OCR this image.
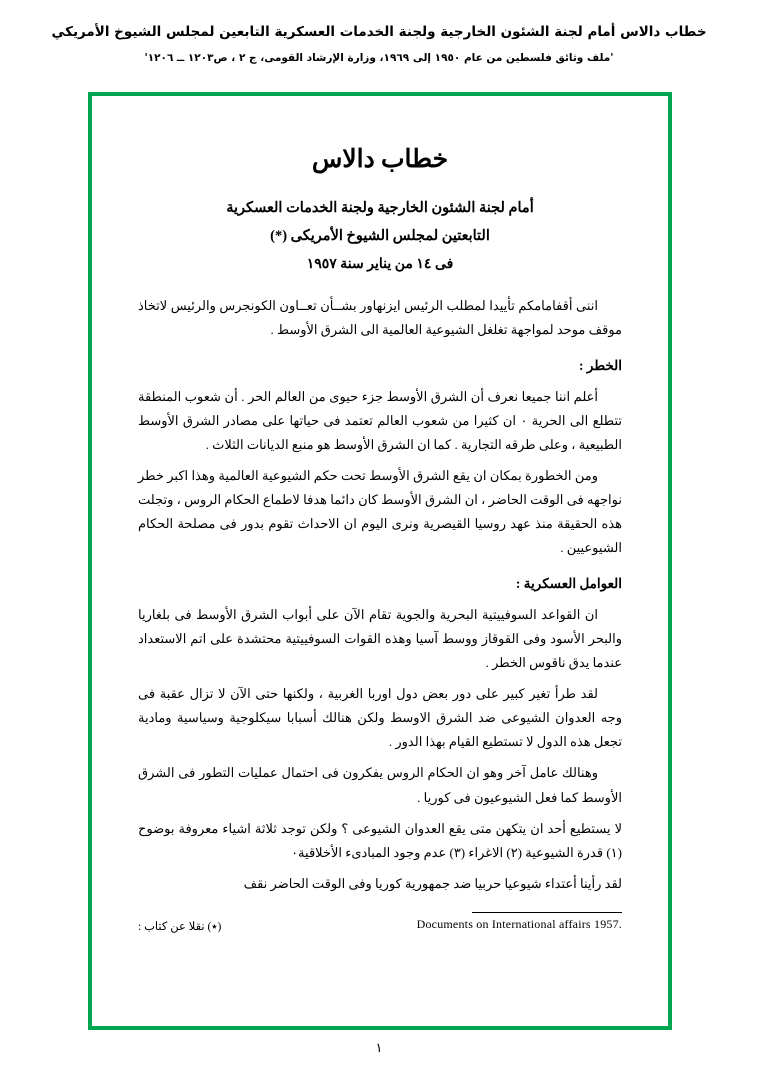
خطاب دالاس أمام لجنة الشئون الخارجية ولجنة الخدمات العسكرية التابعين لمجلس الشيوخ الأمريكي
'ملف وثائق فلسطين من عام ١٩٥٠ إلى ١٩٦٩، وزارة الإرشاد القومى، ج ٢ ، ص١٢٠٣ ــ ١٢٠٦'
خطاب دالاس
أمام لجنة الشئون الخارجية ولجنة الخدمات العسكرية
التابعتين لمجلس الشيوخ الأمريكى (*)
فى ١٤ من يناير سنة ١٩٥٧

اننى أقفامامكم تأييدا لمطلب الرئيس ايزنهاور بشــأن تعــاون الكونجرس والرئيس لاتخاذ موقف موحد لمواجهة تغلغل الشيوعية العالمية الى الشرق الأوسط .

الخطر :

أعلم اننا جميعا نعرف أن الشرق الأوسط جزء حيوى من العالم الحر . أن شعوب المنطقة تتطلع الى الحرية ٠ ان كثيرا من شعوب العالم تعتمد فى حياتها على مصادر الشرق الأوسط الطبيعية ، وعلى طرقه التجارية . كما ان الشرق الأوسط هو منبع الديانات الثلاث .

ومن الخطورة بمكان ان يقع الشرق الأوسط تحت حكم الشيوعية العالمية وهذا اكبر خطر نواجهه فى الوقت الحاضر ، ان الشرق الأوسط كان دائما هدفا لاطماع الحكام الروس ، وتجلت هذه الحقيقة منذ عهد روسيا القيصرية ونرى اليوم ان الاحداث تقوم بدور فى مصلحة الحكام الشيوعيين .

العوامل العسكرية :

ان القواعد السوفييتية البحرية والجوية تقام الآن على أبواب الشرق الأوسط فى بلغاريا والبحر الأسود وفى القوقاز ووسط آسيا وهذه القوات السوفييتية محتشدة على اتم الاستعداد عندما يدق ناقوس الخطر .

لقد طرأ تغير كبير على دور بعض دول اوربا الغربية ، ولكنها حتى الآن لا تزال عقبة فى وجه العدوان الشيوعى ضد الشرق الاوسط ولكن هنالك أسبابا سيكلوجية وسياسية ومادية تجعل هذه الدول لا تستطيع القيام بهذا الدور .

وهنالك عامل آخر وهو ان الحكام الروس يفكرون فى احتمال عمليات التطور فى الشرق الأوسط كما فعل الشيوعيون فى كوريا .

لا يستطيع أحد ان يتكهن متى يقع العدوان الشيوعى ؟ ولكن توجد ثلاثة اشياء معروفة بوضوح (١) قدرة الشيوعية (٢) الاغراء (٣) عدم وجود المبادىء الأخلاقية٠

لقد رأينا أعتداء شيوعيا حربيا ضد جمهورية كوريا وفى الوقت الحاضر نقف

(٭) نقلا عن كتاب :	Documents on International affairs 1957.
١
